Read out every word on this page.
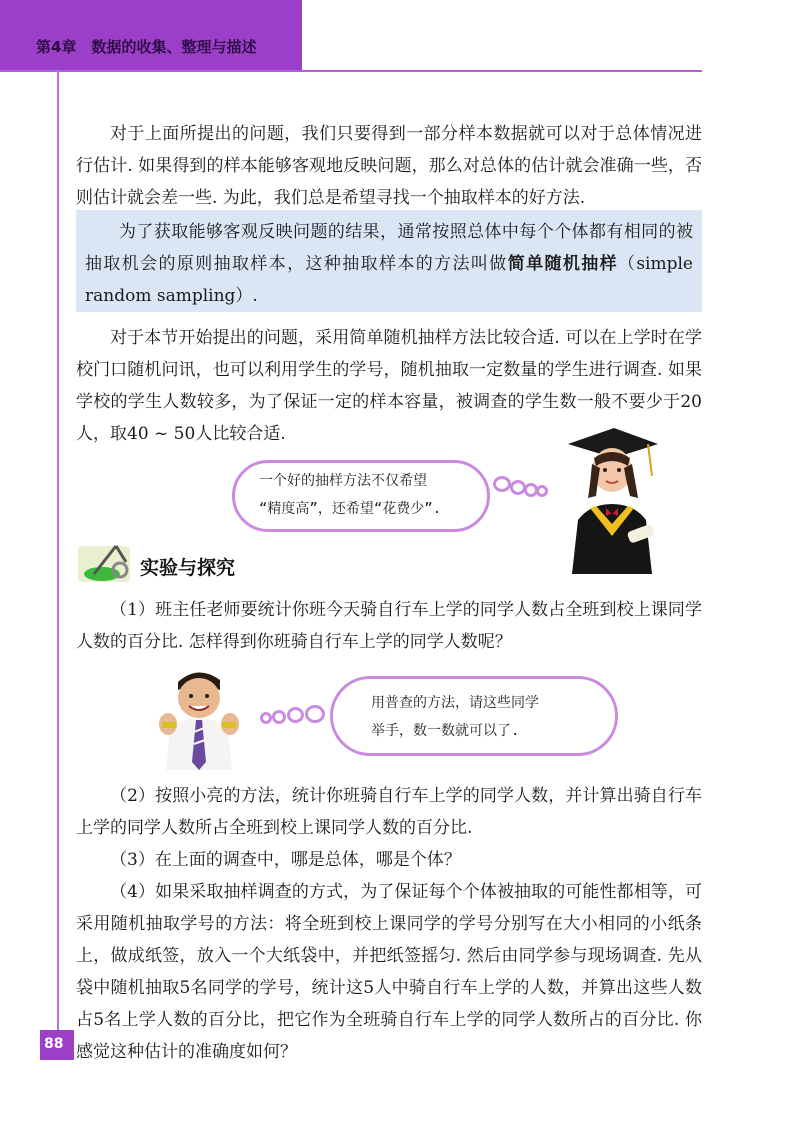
第4章　数据的收集、整理与描述

对于上面所提出的问题，我们只要得到一部分样本数据就可以对于总体情况进行估计. 如果得到的样本能够客观地反映问题，那么对总体的估计就会准确一些，否则估计就会差一些. 为此，我们总是希望寻找一个抽取样本的好方法.

为了获取能够客观反映问题的结果，通常按照总体中每个个体都有相同的被抽取机会的原则抽取样本，这种抽取样本的方法叫做简单随机抽样（simple random sampling）.

对于本节开始提出的问题，采用简单随机抽样方法比较合适. 可以在上学时在学校门口随机问讯，也可以利用学生的学号，随机抽取一定数量的学生进行调查. 如果学校的学生人数较多，为了保证一定的样本容量，被调查的学生数一般不要少于20人，取40 ~ 50人比较合适.

一个好的抽样方法不仅希望
“精度高”，还希望“花费少”.
实验与探究

（1）班主任老师要统计你班今天骑自行车上学的同学人数占全班到校上课同学人数的百分比. 怎样得到你班骑自行车上学的同学人数呢？

用普查的方法，请这些同学
举手，数一数就可以了.

（2）按照小亮的方法，统计你班骑自行车上学的同学人数，并计算出骑自行车上学的同学人数所占全班到校上课同学人数的百分比.

（3）在上面的调查中，哪是总体，哪是个体？

（4）如果采取抽样调查的方式，为了保证每个个体被抽取的可能性都相等，可采用随机抽取学号的方法：将全班到校上课同学的学号分别写在大小相同的小纸条上，做成纸签，放入一个大纸袋中，并把纸签摇匀. 然后由同学参与现场调查. 先从袋中随机抽取5名同学的学号，统计这5人中骑自行车上学的人数，并算出这些人数占5名上学人数的百分比，把它作为全班骑自行车上学的同学人数所占的百分比. 你感觉这种估计的准确度如何？

88
